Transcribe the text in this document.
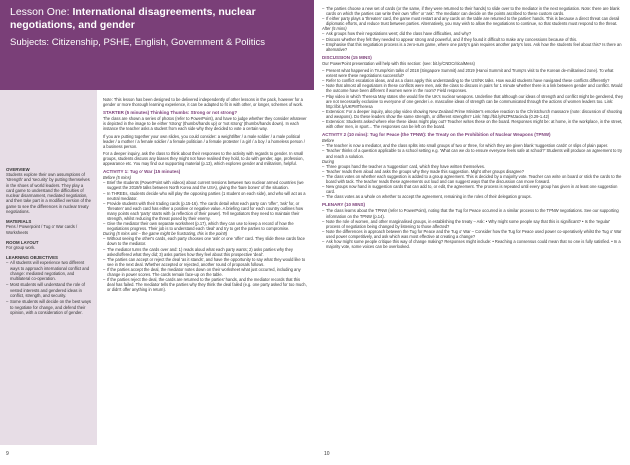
Lesson One: International disagreements, nuclear negotiations, and gender
Subjects: Citizenship, PSHE, English, Government & Politics
OVERVIEW
Students explore their own assumptions of 'strength' and 'security' by putting themselves in the shoes of world leaders. They play a card game to understand the difficulties of nuclear disarmament, mediated negotiation, and then take part in a modified version of the game to see the differences in nuclear treaty negotiations.
MATERIALS
Pens / Powerpoint / Tug o' War cards / Worksheets
ROOM LAYOUT
For group work.
LEARNING OBJECTIVES
– All students will experience two different ways to approach international conflict and change: mediated negotiation, and multilateral co-operation.
– Most students will understand the role of vested interests and gendered ideas in conflict, strength, and security.
– Some students will decide on the best ways to negotiate for change, and defend their opinion, with a consideration of gender.

Note: This lesson has been designed to be delivered independently of other lessons in the pack, however for a gender or more thorough learning experience, it can be adapted to fit in with other, or longer, schemes of work.

STARTER (5 minutes) Thinking Thumbs: Strong or not strong?

The class are shown a series of photos (refer to PowerPoint), and have to judge whether they consider whatever is depicted in the image to be either 'strong' (thumbs/hands up) or 'not strong' (thumbs/hands down). In each instance the teacher asks a student from each side why they decided to vote a certain way.

If you are putting together your own slides, you could consider: a weightlifter / a male soldier / a male political leader / a mother / a female soldier / a female politician / a female protester / a girl / a boy / a homeless person / a business person.

For a deeper inquiry, ask the class to think about their responses to the activity with regards to gender. In small groups, students discuss any biases they might not have realised they hold, to do with gender, age, profession, appearance etc. You may find our supporting material (p.13), which explores gender and militarism, helpful.

ACTIVITY 1: Tug o' War (15 minutes)
Before (5 mins)
– Brief the students (PowerPoint with videos) about current tensions between two nuclear armed countries (we suggest the 2018/9 talks between North Korea and the USA), giving the 'bare bones' of the situation.
– In THREEs, students decide who will play the opposing parties (1 student on each side), and who will act as a neutral mediator.
– Provide students with their trading cards (p.15-16). The cards detail what each party can 'offer', 'ask' for, or 'threaten' and each card has either a positive or negative value. A briefing card for each country outlines how many points each 'party' starts with (a reflection of their power). Tell negotiators they need to maintain their strength, whilst reducing the threat posed by their enemy.
– Give the mediator their own separate worksheet (p.17), which they can use to keep a record of how the negotiations progress. Their job is to understand each 'deal' and try to get the parties to compromise.
During (5 mins unit – the game might be frustrating, this is the point!)
– Without seeing the other's cards, each party chooses one 'ask' or one 'offer' card. They slide these cards face down to the mediator.
– The mediator turns the cards over and: 1) reads aloud what each party wants; 2) asks parties why they asked/offered what they did; 3) asks parties how they feel about this prospective 'deal'.
– The parties can accept or reject the deal 'as it stands', and have the opportunity to say what they would like to see in the next deal. Whether accepted or rejected, another round of proposals follows.
– If the parties accept the deal, the mediator notes down on their worksheet what just occurred, including any change in power scores. The cards remain face-up on the table.
– If the parties reject the deal, the cards are returned to the parties' hands, and the mediator records that this deal has failed. The mediator tells the parties why they think the deal failed (e.g. one party asked for too much, or didn't offer anything in return).
– The parties choose a new set of cards (or the same, if they were returned to their hands) to slide over to the mediator in the next negotiation. Note: there are blank cards on which the parties can write their own 'offer' or 'ask'. The mediator can decide on the points ascribed to these custom cards.
– If either party plays a 'threaten' card, the game must restart and any cards on the table are returned to the parties' hands. This is because a direct threat can derail diplomatic efforts, and reduce trust between parties. Alternatively, you may wish to allow the negotiations to continue, so that students must respond to the threat.
After (5 mins)
– Ask groups how their negotiations went; did the class have difficulties, and why?
– Discuss whether they felt they needed to appear strong and powerful, and if they found it difficult to make any concessions because of this.
– Emphasise that this negotiation process is a zero-sum game, where one party's gain requires another party's loss. Ask how the students feel about this? Is there an alternative?
DISCUSSION (15 MINS)

Our PowerPoint presentation will help with this section: (see: bit.ly/CNDCriticalMess)

– Present what happened in Trump/Kim talks of 2018 (Singapore Summit) and 2019 (Hanoi Summit and Trump's visit to the Korean de-militarised zone). To what extent were these negotiations successful?
– Refer to conflict escalation ideas, and as a class apply this understanding to the US/NK talks. How would students have navigated these conflicts differently?
– Note that almost all negotiators in these conflicts were men, ask the class to discuss in pairs for 1 minute whether there is a link between gender and conflict. Would the outcome have been different if women were in the room? Field responses.
– Play video in which Theresa May states she would fire the UK's nuclear weapons. Underline that although our ideas of strength and conflict might be gendered, they are not necessarily exclusive to everyone of one gender i.e. masculine ideas of strength can be communicated through the actions of women leaders too. Link: http://bit.ly/UKPMTheresa
– Extension: For a deeper inquiry, also play video showing New Zealand Prime Minister's emotive reaction to the Christchurch massacre (note: discussion of shooting and weapons). Do these leaders show the same strength, or different strengths? Link: http://bit.ly/NZPMJacinda (0.29-1.42)
– Extension: Students asked where else these ideas might play out? Teacher writes these on the board. Responses might be: at home, in the workplace, in the street, with other men, in sport... The responses can be left on the board.
ACTIVITY 2 (10 mins): Tug for Peace (the TPNW): the Treaty on the Prohibition of Nuclear Weapons (TPNW)
Before
– The teacher is now a mediator, and the class splits into small groups of two or three, for which they are given blank 'suggestion cards' or slips of plain paper.
– Teacher thinks of a question applicable to a school setting e.g. 'What can we do to ensure everyone feels safe at school?' Students will produce an agreement to try and reach a solution.
During
– Three groups hand the teacher a 'suggestion' card, which they have written themselves.
– Teacher reads them aloud and asks the groups why they made this suggestion. Might other groups disagree?
– The class votes on whether each suggestion is added to a group agreement. This is decided by a majority vote. Teacher can write on board or stick the cards to the board with tack. The teacher reads these agreements out loud and can suggest ways that the discussion can move forward.
– New groups now hand in suggestion cards that can add to, or edit, the agreement. The process is repeated until every group has given in at least one suggestion card.
– The class votes as a whole on whether to accept the agreement, remaining in the roles of their delegation groups.
PLENARY (10 MINS)
– The class learns about the TPNW (refer to PowerPoint), noting that the Tug for Peace occurred in a similar process to the TPNW negotiations. See our supporting information on the TPNW (p.14).
– Note the role of women, and other marginalised groups, in establishing the treaty – Ask: • Why might some people say that this is significant? • Is the 'regular' process of negotiation being changed by listening to those affected?
– Note the differences in approach between the Tug for Peace and the Tug o' War – Consider how the Tug for Peace used power co-operatively whilst the Tug o' War used power competitively, and ask which was most effective at creating a change?
– Ask how might some people critique this way of change making? Responses might include: • Reaching a consensus could mean that no one is fully satisfied. • In a majority vote, some voices can be overlooked.
9	10
